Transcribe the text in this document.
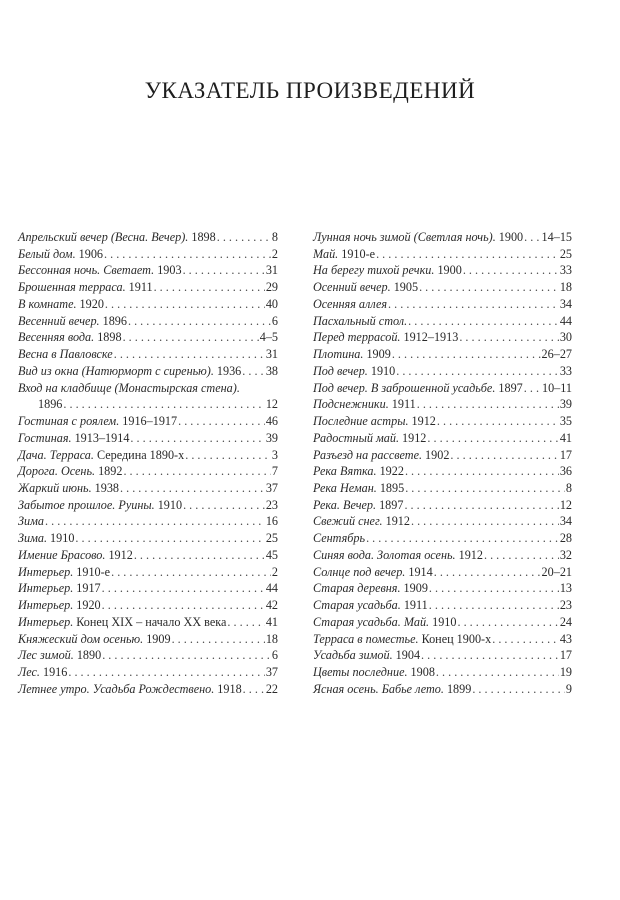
УКАЗАТЕЛЬ ПРОИЗВЕДЕНИЙ
Апрельский вечер (Весна. Вечер). 1898 . . .	8
Белый дом. 1906 . . .	2
Бессонная ночь. Светает. 1903 . . .	31
Брошенная терраса. 1911 . . .	29
В комнате. 1920 . . .	40
Весенний вечер. 1896 . . .	6
Весенняя вода. 1898 . . .	4–5
Весна в Павловске . . .	31
Вид из окна (Натюрморт с сиренью). 1936 . . . 38
Вход на кладбище (Монастырская стена).
1896 . . .	12
Гостиная с роялем. 1916–1917 . . .	46
Гостиная. 1913–1914 . . .	39
Дача. Терраса. Середина 1890-х . . .	3
Дорога. Осень. 1892 . . .	7
Жаркий июнь. 1938 . . .	37
Забытое прошлое. Руины. 1910 . . .	23
Зима . . .	16
Зима. 1910 . . .	25
Имение Брасово. 1912 . . .	45
Интерьер. 1910-е . . .	2
Интерьер. 1917 . . .	44
Интерьер. 1920 . . .	42
Интерьер. Конец XIX – начало XX века . . .	41
Княжеский дом осенью. 1909 . . .	18
Лес зимой. 1890 . . .	6
Лес. 1916 . . .	37
Летнее утро. Усадьба Рождествено. 1918 . . . 22
Лунная ночь зимой (Светлая ночь). 1900 . . . 14–15
Май. 1910-е . . .	25
На берегу тихой речки. 1900 . . .	33
Осенний вечер. 1905 . . .	18
Осенняя аллея . . .	34
Пасхальный стол. . . .	44
Перед террасой. 1912–1913 . . .	30
Плотина. 1909 . . .	26–27
Под вечер. 1910 . . .	33
Под вечер. В заброшенной усадьбе. 1897 . . . 10–11
Подснежники. 1911 . . .	39
Последние астры. 1912 . . .	35
Радостный май. 1912 . . .	41
Разъезд на рассвете. 1902 . . .	17
Река Вятка. 1922 . . .	36
Река Неман. 1895 . . .	8
Река. Вечер. 1897 . . .	12
Свежий снег. 1912 . . .	34
Сентябрь . . .	28
Синяя вода. Золотая осень. 1912 . . .	32
Солнце под вечер. 1914 . . .	20–21
Старая деревня. 1909 . . .	13
Старая усадьба. 1911 . . .	23
Старая усадьба. Май. 1910 . . .	24
Терраса в поместье. Конец 1900-х . . .	43
Усадьба зимой. 1904 . . .	17
Цветы последние. 1908 . . .	19
Ясная осень. Бабье лето. 1899 . . .	9
